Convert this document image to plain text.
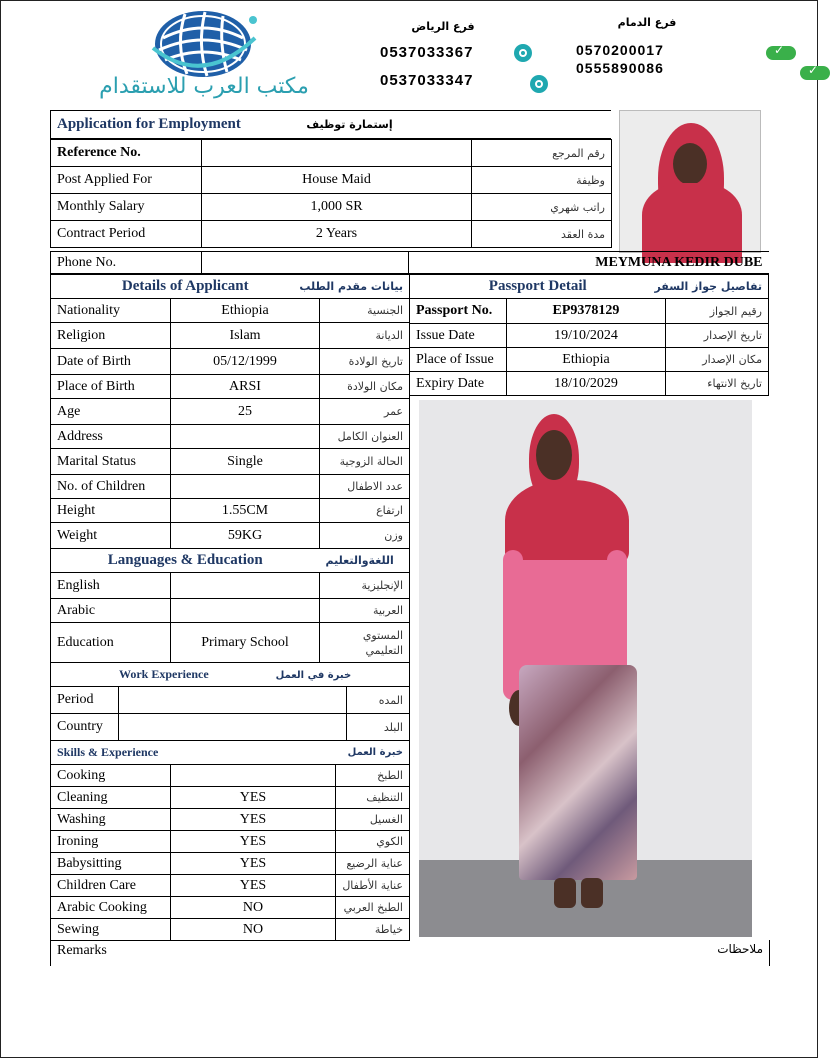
مكتب العرب للاستقدام
فرع الرياض	فرع الدمام
0537033367

0537033347

0570200017
✓
0555890086
✓
Application for Employment	إستمارة توظيف
Reference No.		رقم المرجع
Post Applied For	House Maid	وظيفة
Monthly Salary	1,000 SR	راتب شهري
Contract Period	2 Years	مدة العقد
Phone No.		MEYMUNA KEDIR DUBE
Details of Applicant		بيانات مقدم الطلب
Nationality	Ethiopia	الجنسية
Religion	Islam	الديانة
Date of Birth	05/12/1999	تاريخ الولادة
Place of Birth	ARSI	مكان الولادة
Age	25	عمر
Address		العنوان الكامل
Marital Status	Single	الحالة الزوجية
No. of Children		عدد الاطفال
Height	1.55CM	ارتفاع
Weight	59KG	وزن
Languages & Education		اللغةوالتعليم
English		الإنجليزية
Arabic		العربية
Education	Primary School	المستوي التعليمي
Work Experience خبرة في العمل		
Period		المده
Country		البلد
Skills & Experience		خبرة العمل
Cooking		الطبخ
Cleaning	YES	التنظيف
Washing	YES	الغسيل
Ironing	YES	الكوي
Babysitting	YES	عناية الرضيع
Children Care	YES	عناية الأطفال
Arabic Cooking	NO	الطبخ العربي
Sewing	NO	خياطة
Passport Detail		تفاصيل جواز السفر
Passport No.	EP9378129	رقيم الجواز
Issue Date	19/10/2024	تاريخ الإصدار
Place of Issue	Ethiopia	مكان الإصدار
Expiry Date	18/10/2029	تاريخ الانتهاء
Remarks	ملاحظات
